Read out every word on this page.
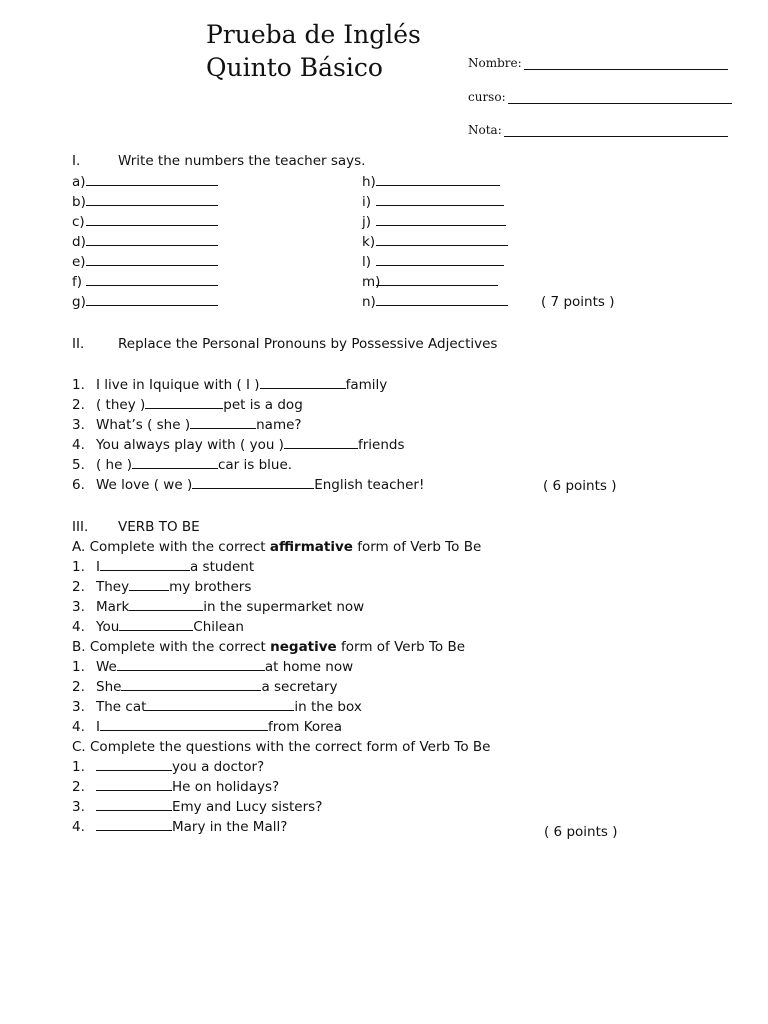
Prueba de Inglés
Quinto Básico	Nombre:
curso:
Nota:
I.	Write the numbers the teacher says.
a)
b)
c)
d)
e)
f)
g)
h)
i)
j)
k)
l)
m)
n)	( 7 points )
II. Replace the Personal Pronouns by Possessive Adjectives
1. I live in Iquique with ( I )	family
2. ( they )	pet is a dog
3. What’s ( she )	name?
4. You always play with ( you )	friends
5. ( he )	car is blue.
6. We love ( we )	English teacher!	( 6 points )
III. VERB TO BE
A. Complete with the correct affirmative form of Verb To Be
1. I	a student
2. They	my brothers
3. Mark	in the supermarket now
4. You	Chilean
B. Complete with the correct negative form of Verb To Be
1. We	at home now
2. She	a secretary
3. The cat	in the box
4. I	from Korea
C. Complete the questions with the correct form of Verb To Be
1.	you a doctor?
2.	He on holidays?
3.	Emy and Lucy sisters?
4.	Mary in the Mall?	( 6 points )
